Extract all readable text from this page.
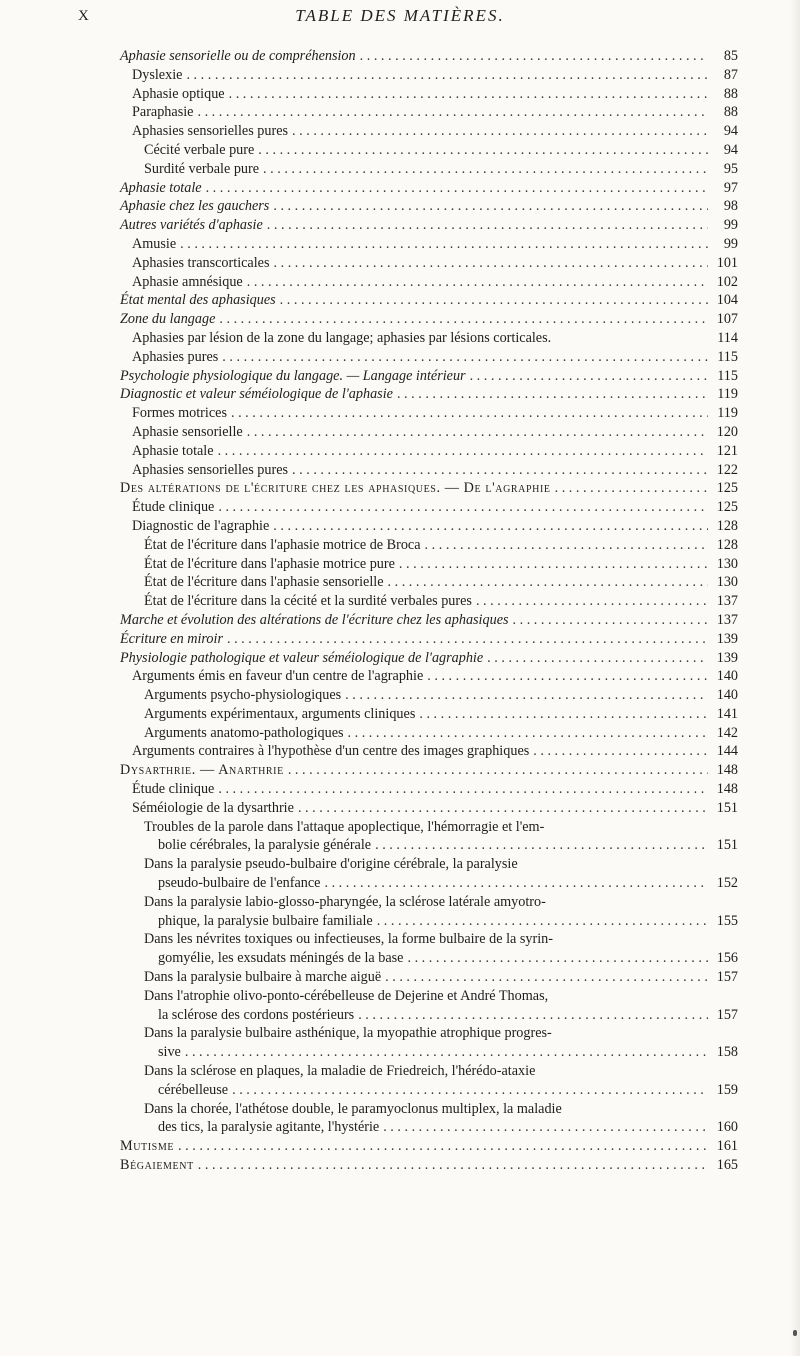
X	TABLE DES MATIÈRES.
Aphasie sensorielle ou de compréhension . . .	85
Dyslexie . . .	87
Aphasie optique . . .	88
Paraphasie . . .	88
Aphasies sensorielles pures . . .	94
Cécité verbale pure . . .	94
Surdité verbale pure . . .	95
Aphasie totale . . .	97
Aphasie chez les gauchers . . .	98
Autres variétés d'aphasie . . .	99
Amusie . . .	99
Aphasies transcorticales . . .	101
Aphasie amnésique . . .	102
État mental des aphasiques . . .	104
Zone du langage . . .	107
Aphasies par lésion de la zone du langage; aphasies par lésions corticales.	114
Aphasies pures . . .	115
Psychologie physiologique du langage. — Langage intérieur . . .	115
Diagnostic et valeur séméiologique de l'aphasie . . .	119
Formes motrices . . .	119
Aphasie sensorielle . . .	120
Aphasie totale . . .	121
Aphasies sensorielles pures . . .	122
Des altérations de l'écriture chez les aphasiques. — De l'agraphie . . .	125
Étude clinique . . .	125
Diagnostic de l'agraphie . . .	128
État de l'écriture dans l'aphasie motrice de Broca . . .	128
État de l'écriture dans l'aphasie motrice pure . . .	130
État de l'écriture dans l'aphasie sensorielle . . .	130
État de l'écriture dans la cécité et la surdité verbales pures . . .	137
Marche et évolution des altérations de l'écriture chez les aphasiques . . .	137
Écriture en miroir . . .	139
Physiologie pathologique et valeur séméiologique de l'agraphie . . .	139
Arguments émis en faveur d'un centre de l'agraphie . . .	140
Arguments psycho-physiologiques . . .	140
Arguments expérimentaux, arguments cliniques . . .	141
Arguments anatomo-pathologiques . . .	142
Arguments contraires à l'hypothèse d'un centre des images graphiques . . .	144
Dysarthrie. — Anarthrie . . .	148
Étude clinique . . .	148
Séméiologie de la dysarthrie . . .	151
Troubles de la parole dans l'attaque apoplectique, l'hémorragie et l'em-
bolie cérébrales, la paralysie générale . . .	151
Dans la paralysie pseudo-bulbaire d'origine cérébrale, la paralysie
pseudo-bulbaire de l'enfance . . .	152
Dans la paralysie labio-glosso-pharyngée, la sclérose latérale amyotro-
phique, la paralysie bulbaire familiale . . .	155
Dans les névrites toxiques ou infectieuses, la forme bulbaire de la syrin-
gomyélie, les exsudats méningés de la base . . .	156
Dans la paralysie bulbaire à marche aiguë . . .	157
Dans l'atrophie olivo-ponto-cérébelleuse de Dejerine et André Thomas,
la sclérose des cordons postérieurs . . .	157
Dans la paralysie bulbaire asthénique, la myopathie atrophique progres-
sive . . .	158
Dans la sclérose en plaques, la maladie de Friedreich, l'hérédo-ataxie
cérébelleuse . . .	159
Dans la chorée, l'athétose double, le paramyoclonus multiplex, la maladie
des tics, la paralysie agitante, l'hystérie . . .	160
Mutisme . . .	161
Bégaiement . . .	165
